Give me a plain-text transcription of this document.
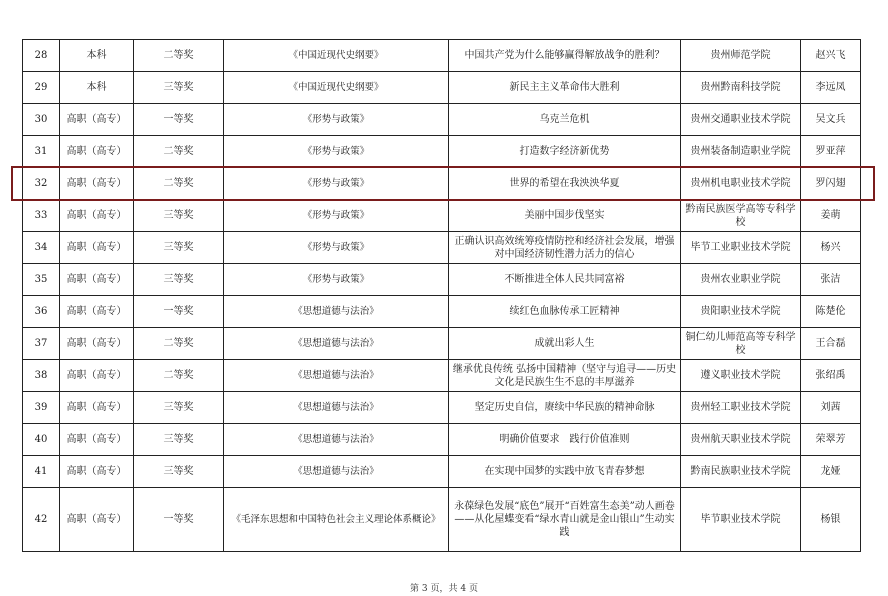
28	本科	二等奖	《中国近现代史纲要》	中国共产党为什么能够赢得解放战争的胜利？	贵州师范学院	赵兴飞
29	本科	三等奖	《中国近现代史纲要》	新民主主义革命伟大胜利	贵州黔南科技学院	李远凤
30	高职（高专）	一等奖	《形势与政策》	乌克兰危机	贵州交通职业技术学院	吴文兵
31	高职（高专）	二等奖	《形势与政策》	打造数字经济新优势	贵州装备制造职业学院	罗亚萍
32	高职（高专）	二等奖	《形势与政策》	世界的希望在我泱泱华夏	贵州机电职业技术学院	罗闪翅
33	高职（高专）	三等奖	《形势与政策》	美丽中国步伐坚实	黔南民族医学高等专科学校	姜萌
34	高职（高专）	三等奖	《形势与政策》	正确认识高效统筹疫情防控和经济社会发展，增强对中国经济韧性潜力活力的信心	毕节工业职业技术学院	杨兴
35	高职（高专）	三等奖	《形势与政策》	不断推进全体人民共同富裕	贵州农业职业学院	张洁
36	高职（高专）	一等奖	《思想道德与法治》	续红色血脉传承工匠精神	贵阳职业技术学院	陈楚伦
37	高职（高专）	二等奖	《思想道德与法治》	成就出彩人生	铜仁幼儿师范高等专科学校	王合磊
38	高职（高专）	二等奖	《思想道德与法治》	继承优良传统 弘扬中国精神（坚守与追寻——历史文化是民族生生不息的丰厚滋养	遵义职业技术学院	张绍禹
39	高职（高专）	三等奖	《思想道德与法治》	坚定历史自信，赓续中华民族的精神命脉	贵州轻工职业技术学院	刘茜
40	高职（高专）	三等奖	《思想道德与法治》	明确价值要求　践行价值准则	贵州航天职业技术学院	荣翠芳
41	高职（高专）	三等奖	《思想道德与法治》	在实现中国梦的实践中放飞青春梦想	黔南民族职业技术学院	龙娅
42	高职（高专）	一等奖	《毛泽东思想和中国特色社会主义理论体系概论》	永葆绿色发展“底色”展开“百姓富生态美”动人画卷——从化屋蝶变看“绿水青山就是金山银山”生动实践	毕节职业技术学院	杨银
第 3 页，共 4 页
